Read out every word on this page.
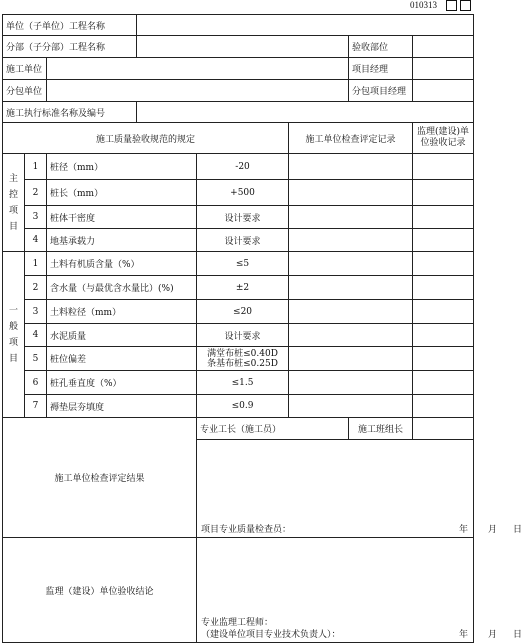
010313
单位（子单位）工程名称							
分部（子分部）工程名称						验收部位	
施工单位						项目经理	
分包单位						分包项目经理	
施工执行标准名称及编号							
施工质量验收规范的规定					施工单位检查评定记录		监理(建设)单位验收记录

主
控
项
目	1	桩径（mm）		-20			
	2	桩长（mm）		+500			
	3	桩体干密度		设计要求			
	4	地基承载力		设计要求			

一
般
项
目	1	土料有机质含量（%）		≤5			
	2	含水量（与最优含水量比）(%)		±2			
	3	土料粒径（mm）		≤20			
	4	水泥质量		设计要求			
	5	桩位偏差		满堂布桩≤0.40D
条基布桩≤0.25D			

	6	桩孔垂直度（%）		≤1.5			
	7	褥垫层夯填度		≤0.9			
施工单位检查评定结果				专业工长（施工员）		施工班组长	

				项目专业质量检查员： 年 月 日			

监理（建设）单位验收结论				专业监理工程师：
（建设单位项目专业技术负责人）： 年 月 日			
